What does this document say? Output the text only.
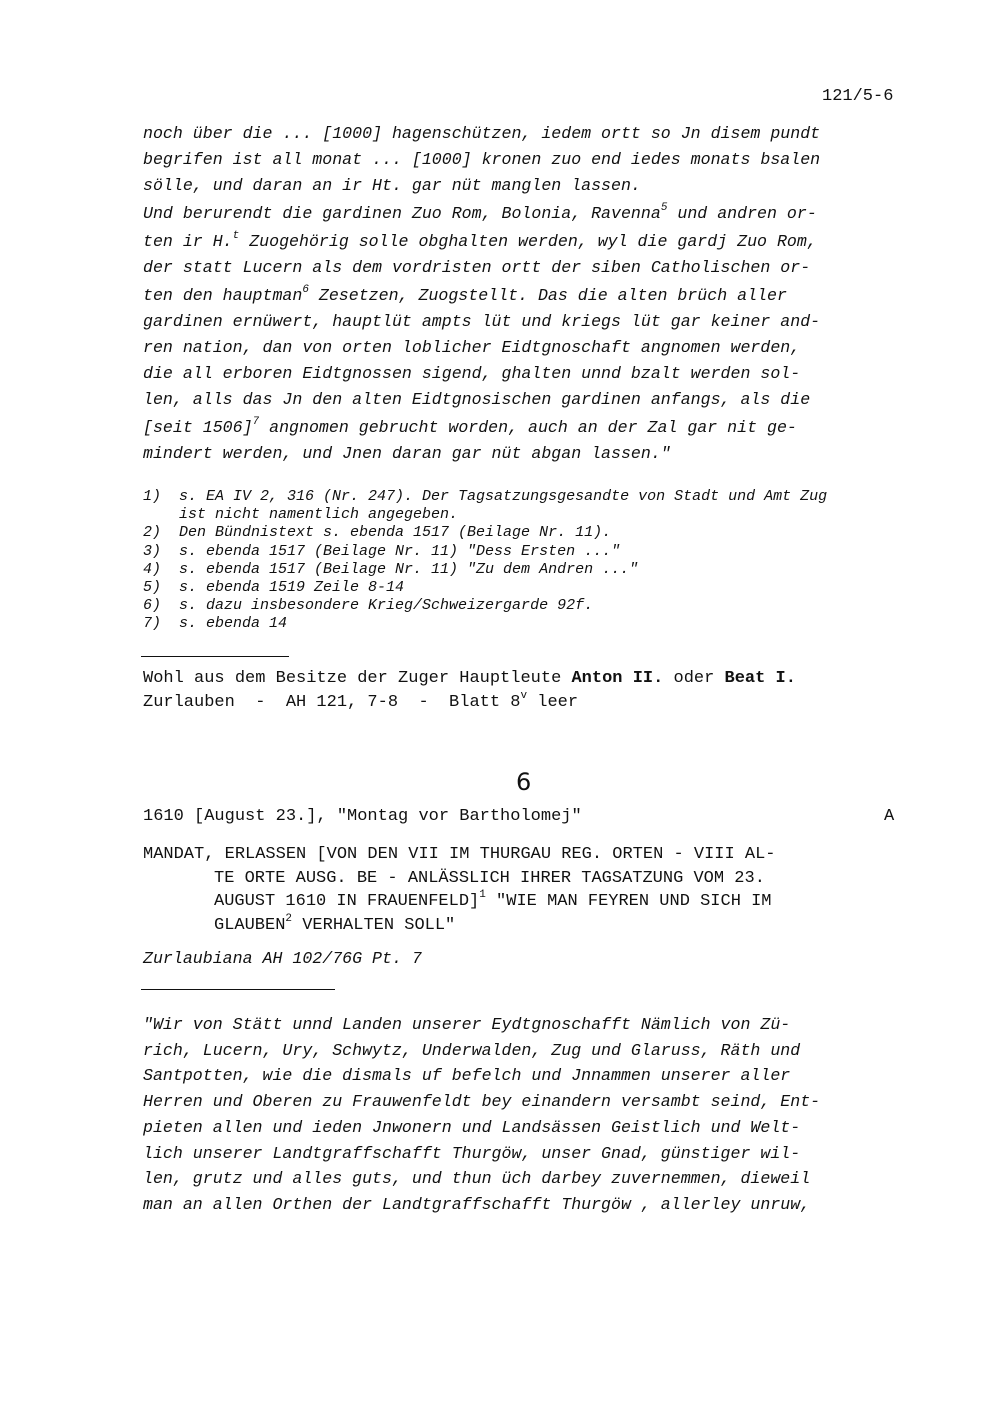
121/5-6
noch über die ... [1000] hagenschützen, iedem ortt so Jn disem pundt
begrifen ist all monat ... [1000] kronen zuo end iedes monats bsalen
sölle, und daran an ir Ht. gar nüt manglen lassen.
Und berurendt die gardinen Zuo Rom, Bolonia, Ravenna$^5$ und andren or-
ten ir H.$^t$ Zuogehörig solle obghalten werden, wyl die gardj Zuo Rom,
der statt Lucern als dem vordristen ortt der siben Catholischen or-
ten den hauptman$^6$ Zesetzen, Zuogstellt. Das die alten brüch aller
gardinen ernüwert, hauptlüt ampts lüt und kriegs lüt gar keiner and-
ren nation, dan von orten loblicher Eidtgnoschaft angnomen werden,
die all erboren Eidtgnossen sigend, ghalten unnd bzalt werden sol-
len, alls das Jn den alten Eidtgnosischen gardinen anfangs, als die
[seit 1506]$^7$ angnomen gebrucht worden, auch an der Zal gar nit ge-
mindert werden, und Jnen daran gar nüt abgan lassen."
1)  s. EA IV 2, 316 (Nr. 247). Der Tagsatzungsgesandte von Stadt und Amt Zug
ist nicht namentlich angegeben.
2)  Den Bündnistext s. ebenda 1517 (Beilage Nr. 11).
3)  s. ebenda 1517 (Beilage Nr. 11) "Dess Ersten ..."
4)  s. ebenda 1517 (Beilage Nr. 11) "Zu dem Andren ..."
5)  s. ebenda 1519 Zeile 8-14
6)  s. dazu insbesondere Krieg/Schweizergarde 92f.
7)  s. ebenda 14
Wohl aus dem Besitze der Zuger Hauptleute Anton II. oder Beat I.
Zurlauben  -  AH 121, 7-8  -  Blatt 8$^v$ leer
6
1610 [August 23.], "Montag vor Bartholomej"	A
MANDAT, ERLASSEN [VON DEN VII IM THURGAU REG. ORTEN - VIII AL-
TE ORTE AUSG. BE - ANLÄSSLICH IHRER TAGSATZUNG VOM 23.
AUGUST 1610 IN FRAUENFELD]$^1$ "WIE MAN FEYREN UND SICH IM
GLAUBEN$^2$ VERHALTEN SOLL"
Zurlaubiana AH 102/76G Pt. 7
"Wir von Stätt unnd Landen unserer Eydtgnoschafft Nämlich von Zü-
rich, Lucern, Ury, Schwytz, Underwalden, Zug und Glaruss, Räth und
Santpotten, wie die dismals uf befelch und Jnnammen unserer aller
Herren und Oberen zu Frauwenfeldt bey einandern versambt seind, Ent-
pieten allen und ieden Jnwonern und Landsässen Geistlich und Welt-
lich unserer Landtgraffschafft Thurgöw, unser Gnad, günstiger wil-
len, grutz und alles guts, und thun üch darbey zuvernemmen, dieweil
man an allen Orthen der Landtgraffschafft Thurgöw , allerley unruw,
